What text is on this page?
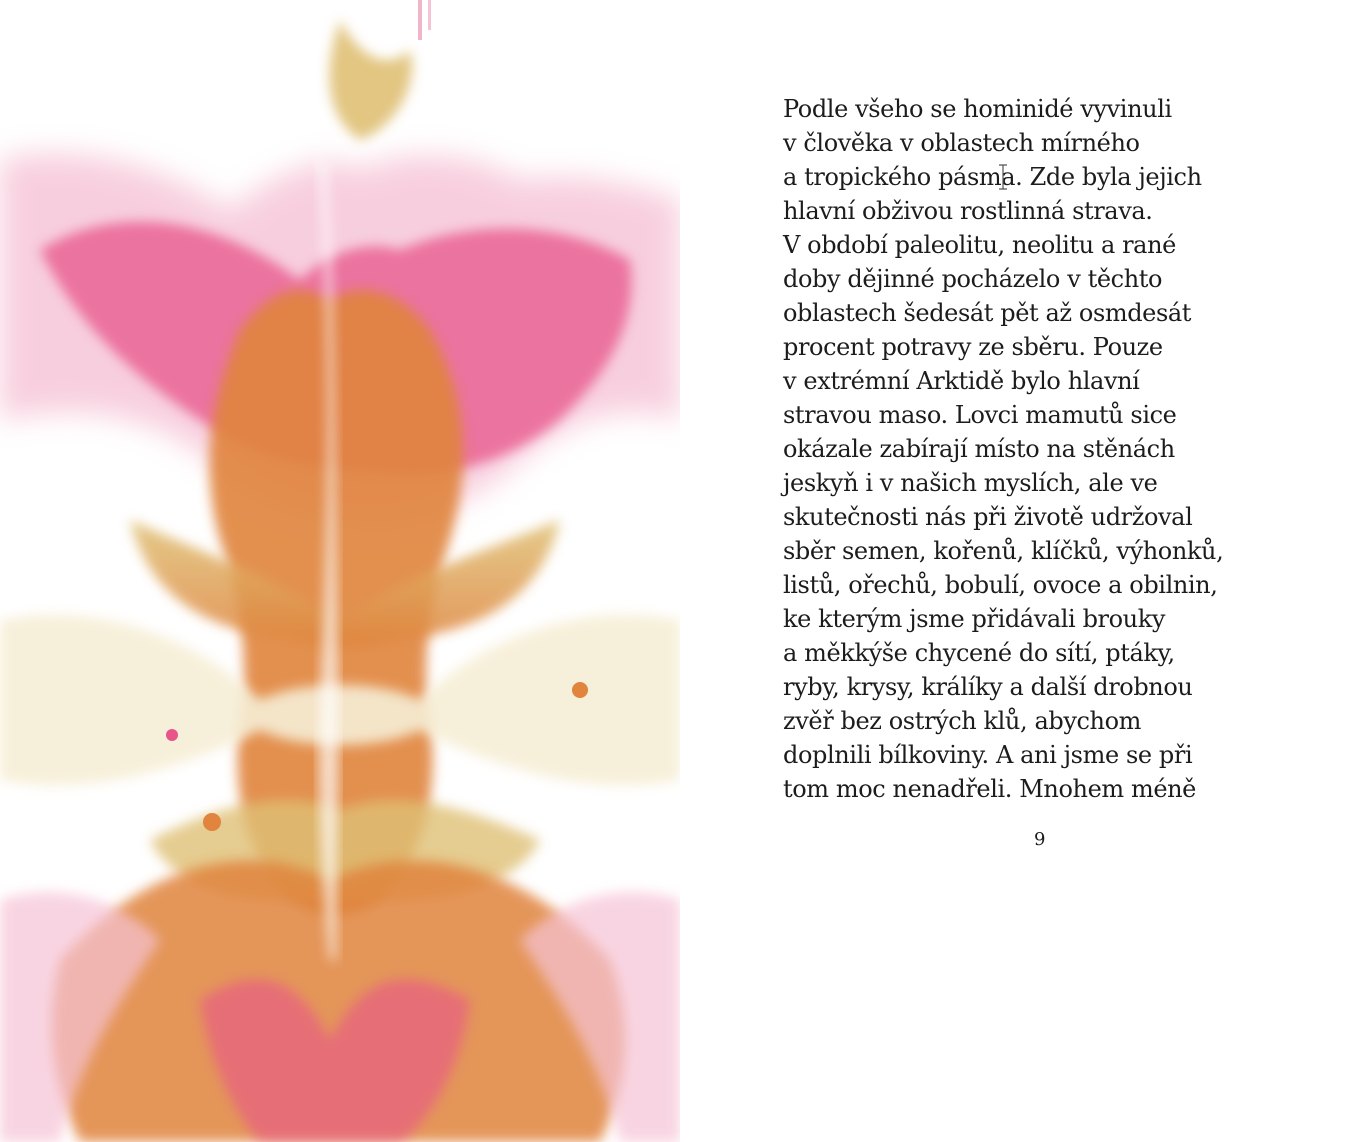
Podle všeho se hominidé vyvinuli
v člověka v oblastech mírného
a tropického pásma. Zde byla jejich
hlavní obživou rostlinná strava.
V období paleolitu, neolitu a rané
doby dějinné pocházelo v těchto
oblastech šedesát pět až osmdesát
procent potravy ze sběru. Pouze
v extrémní Arktidě bylo hlavní
stravou maso. Lovci mamutů sice
okázale zabírají místo na stěnách
jeskyň i v našich myslích, ale ve
skutečnosti nás při životě udržoval
sběr semen, kořenů, klíčků, výhonků,
listů, ořechů, bobulí, ovoce a obilnin,
ke kterým jsme přidávali brouky
a měkkýše chycené do sítí, ptáky,
ryby, krysy, králíky a další drobnou
zvěř bez ostrých klů, abychom
doplnili bílkoviny. A ani jsme se při
tom moc nenadřeli. Mnohem méně

9
